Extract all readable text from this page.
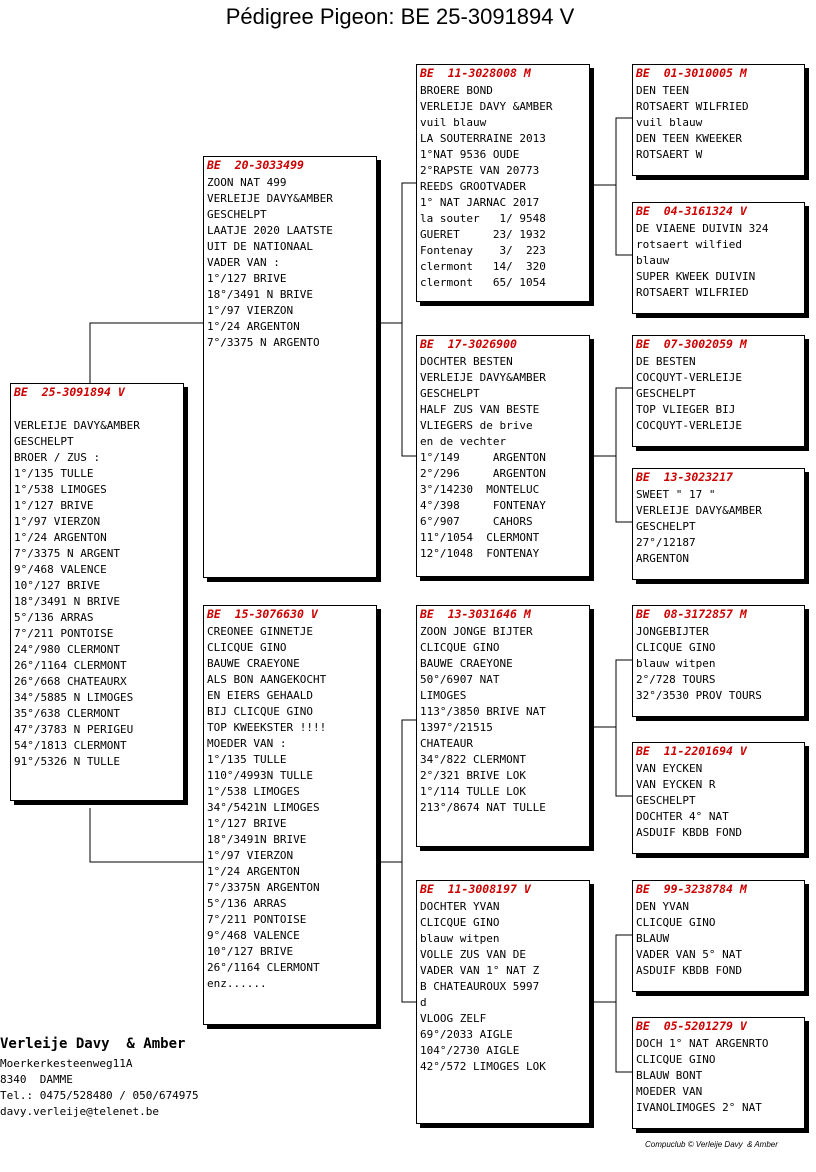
Pédigree Pigeon: BE 25-3091894 V
BE  25-3091894 V
VERLEIJE DAVY&AMBER
GESCHELPT
BROER / ZUS :
1°/135 TULLE
1°/538 LIMOGES
1°/127 BRIVE
1°/97 VIERZON
1°/24 ARGENTON
7°/3375 N ARGENT
9°/468 VALENCE
10°/127 BRIVE
18°/3491 N BRIVE
5°/136 ARRAS
7°/211 PONTOISE
24°/980 CLERMONT
26°/1164 CLERMONT
26°/668 CHATEAURX
34°/5885 N LIMOGES
35°/638 CLERMONT
47°/3783 N PERIGEU
54°/1813 CLERMONT
91°/5326 N TULLE
BE  20-3033499
ZOON NAT 499
VERLEIJE DAVY&AMBER
GESCHELPT
LAATJE 2020 LAATSTE
UIT DE NATIONAAL
VADER VAN :
1°/127 BRIVE
18°/3491 N BRIVE
1°/97 VIERZON
1°/24 ARGENTON
7°/3375 N ARGENTO
BE  15-3076630 V
CREONEE GINNETJE
CLICQUE GINO
BAUWE CRAEYONE
ALS BON AANGEKOCHT
EN EIERS GEHAALD
BIJ CLICQUE GINO
TOP KWEEKSTER !!!!
MOEDER VAN :
1°/135 TULLE
110°/4993N TULLE
1°/538 LIMOGES
34°/5421N LIMOGES
1°/127 BRIVE
18°/3491N BRIVE
1°/97 VIERZON
1°/24 ARGENTON
7°/3375N ARGENTON
5°/136 ARRAS
7°/211 PONTOISE
9°/468 VALENCE
10°/127 BRIVE
26°/1164 CLERMONT
enz......
BE  11-3028008 M
BROERE BOND
VERLEIJE DAVY &AMBER
vuil blauw
LA SOUTERRAINE 2013
1°NAT 9536 OUDE
2°RAPSTE VAN 20773
REEDS GROOTVADER
1° NAT JARNAC 2017
la souter   1/ 9548
GUERET     23/ 1932
Fontenay    3/  223
clermont   14/  320
clermont   65/ 1054
BE  17-3026900
DOCHTER BESTEN
VERLEIJE DAVY&AMBER
GESCHELPT
HALF ZUS VAN BESTE
VLIEGERS de brive
en de vechter
1°/149     ARGENTON
2°/296     ARGENTON
3°/14230  MONTELUC
4°/398     FONTENAY
6°/907     CAHORS
11°/1054  CLERMONT
12°/1048  FONTENAY
BE  13-3031646 M
ZOON JONGE BIJTER
CLICQUE GINO
BAUWE CRAEYONE
50°/6907 NAT
LIMOGES
113°/3850 BRIVE NAT
1397°/21515
CHATEAUR
34°/822 CLERMONT
2°/321 BRIVE LOK
1°/114 TULLE LOK
213°/8674 NAT TULLE
BE  11-3008197 V
DOCHTER YVAN
CLICQUE GINO
blauw witpen
VOLLE ZUS VAN DE
VADER VAN 1° NAT Z
B CHATEAUROUX 5997
d
VLOOG ZELF
69°/2033 AIGLE
104°/2730 AIGLE
42°/572 LIMOGES LOK
BE  01-3010005 M
DEN TEEN
ROTSAERT WILFRIED
vuil blauw
DEN TEEN KWEEKER
ROTSAERT W
BE  04-3161324 V
DE VIAENE DUIVIN 324
rotsaert wilfied
blauw
SUPER KWEEK DUIVIN
ROTSAERT WILFRIED
BE  07-3002059 M
DE BESTEN
COCQUYT-VERLEIJE
GESCHELPT
TOP VLIEGER BIJ
COCQUYT-VERLEIJE
BE  13-3023217
SWEET " 17 "
VERLEIJE DAVY&AMBER
GESCHELPT
27°/12187
ARGENTON
BE  08-3172857 M
JONGEBIJTER
CLICQUE GINO
blauw witpen
2°/728 TOURS
32°/3530 PROV TOURS
BE  11-2201694 V
VAN EYCKEN
VAN EYCKEN R
GESCHELPT
DOCHTER 4° NAT
ASDUIF KBDB FOND
BE  99-3238784 M
DEN YVAN
CLICQUE GINO
BLAUW
VADER VAN 5° NAT
ASDUIF KBDB FOND
BE  05-5201279 V
DOCH 1° NAT ARGENRTO
CLICQUE GINO
BLAUW BONT
MOEDER VAN
IVANOLIMOGES 2° NAT
Verleije Davy  & Amber
Moerkerkesteenweg11A
8340  DAMME
Tel.: 0475/528480 / 050/674975
davy.verleije@telenet.be
Compuclub © Verleije Davy  & Amber
